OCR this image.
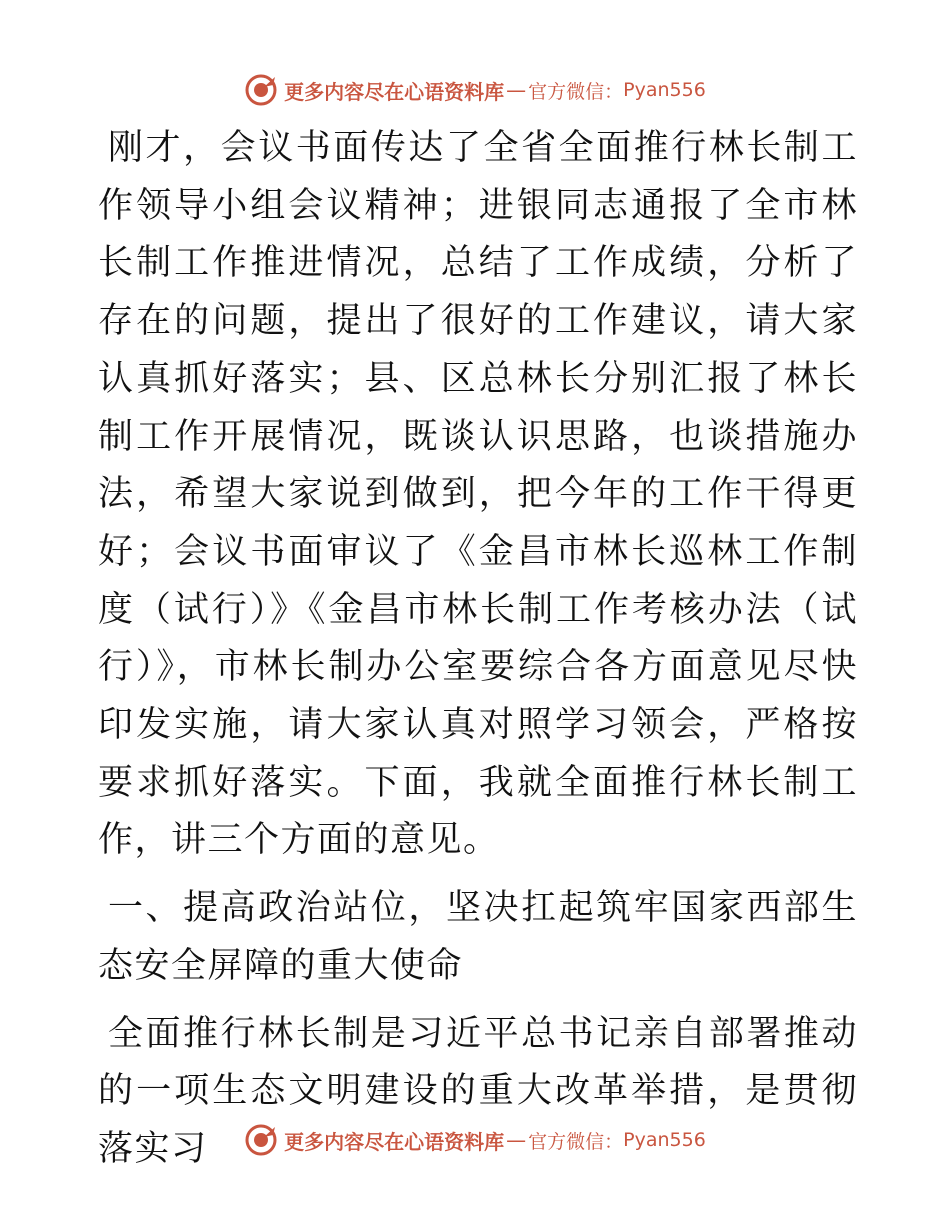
更多内容尽在心语资料库 — 官方微信： Pyan556

刚才，会议书面传达了全省全面推行林长制工作领导小组会议精神；进银同志通报了全市林长制工作推进情况，总结了工作成绩，分析了存在的问题，提出了很好的工作建议，请大家认真抓好落实；县、区总林长分别汇报了林长制工作开展情况，既谈认识思路，也谈措施办法，希望大家说到做到，把今年的工作干得更好；会议书面审议了《金昌市林长巡林工作制度（试行）》《金昌市林长制工作考核办法（试行）》，市林长制办公室要综合各方面意见尽快印发实施，请大家认真对照学习领会，严格按要求抓好落实。下面，我就全面推行林长制工作，讲三个方面的意见。

一、提高政治站位，坚决扛起筑牢国家西部生态安全屏障的重大使命

全面推行林长制是习近平总书记亲自部署推动的一项生态文明建设的重大改革举措，是贯彻落实习	更多内容尽在心语资料库 — 官方微信： Pyan556
